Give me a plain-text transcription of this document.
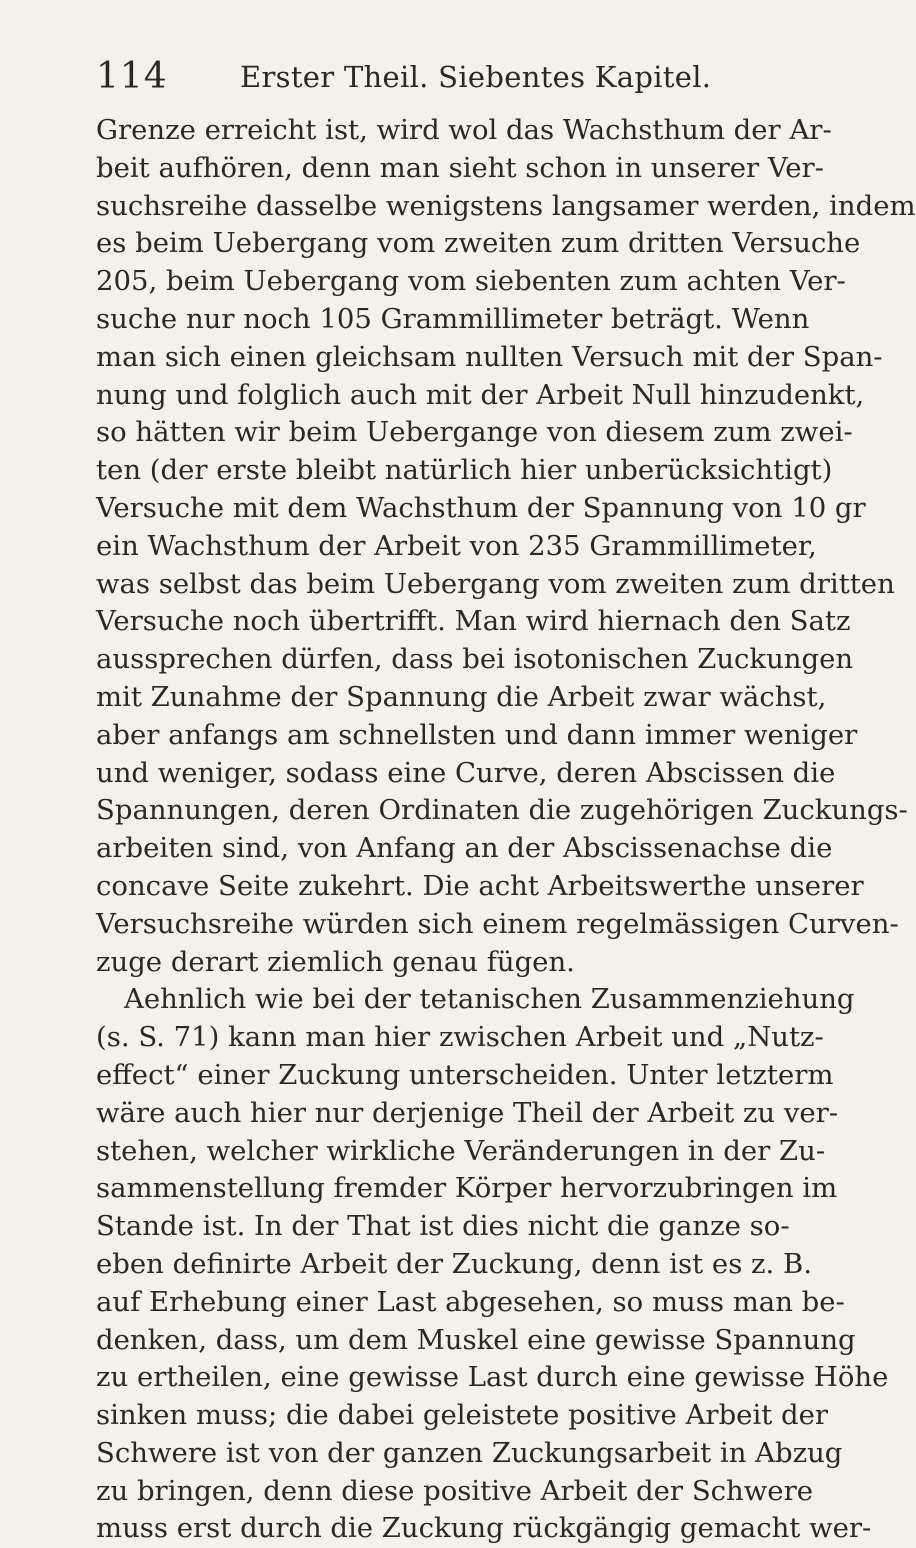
114 Erster Theil. Siebentes Kapitel.
Grenze erreicht ist, wird wol das Wachsthum der Ar-
beit aufhören, denn man sieht schon in unserer Ver-
suchsreihe dasselbe wenigstens langsamer werden, indem
es beim Uebergang vom zweiten zum dritten Versuche
205, beim Uebergang vom siebenten zum achten Ver-
suche nur noch 105 Grammillimeter beträgt. Wenn
man sich einen gleichsam nullten Versuch mit der Span-
nung und folglich auch mit der Arbeit Null hinzudenkt,
so hätten wir beim Uebergange von diesem zum zwei-
ten (der erste bleibt natürlich hier unberücksichtigt)
Versuche mit dem Wachsthum der Spannung von 10 gr
ein Wachsthum der Arbeit von 235 Grammillimeter,
was selbst das beim Uebergang vom zweiten zum dritten
Versuche noch übertrifft. Man wird hiernach den Satz
aussprechen dürfen, dass bei isotonischen Zuckungen
mit Zunahme der Spannung die Arbeit zwar wächst,
aber anfangs am schnellsten und dann immer weniger
und weniger, sodass eine Curve, deren Abscissen die
Spannungen, deren Ordinaten die zugehörigen Zuckungs-
arbeiten sind, von Anfang an der Abscissenachse die
concave Seite zukehrt. Die acht Arbeitswerthe unserer
Versuchsreihe würden sich einem regelmässigen Curven-
zuge derart ziemlich genau fügen.
Aehnlich wie bei der tetanischen Zusammenziehung
(s. S. 71) kann man hier zwischen Arbeit und „Nutz-
effect“ einer Zuckung unterscheiden. Unter letzterm
wäre auch hier nur derjenige Theil der Arbeit zu ver-
stehen, welcher wirkliche Veränderungen in der Zu-
sammenstellung fremder Körper hervorzubringen im
Stande ist. In der That ist dies nicht die ganze so-
eben definirte Arbeit der Zuckung, denn ist es z. B.
auf Erhebung einer Last abgesehen, so muss man be-
denken, dass, um dem Muskel eine gewisse Spannung
zu ertheilen, eine gewisse Last durch eine gewisse Höhe
sinken muss; die dabei geleistete positive Arbeit der
Schwere ist von der ganzen Zuckungsarbeit in Abzug
zu bringen, denn diese positive Arbeit der Schwere
muss erst durch die Zuckung rückgängig gemacht wer-
